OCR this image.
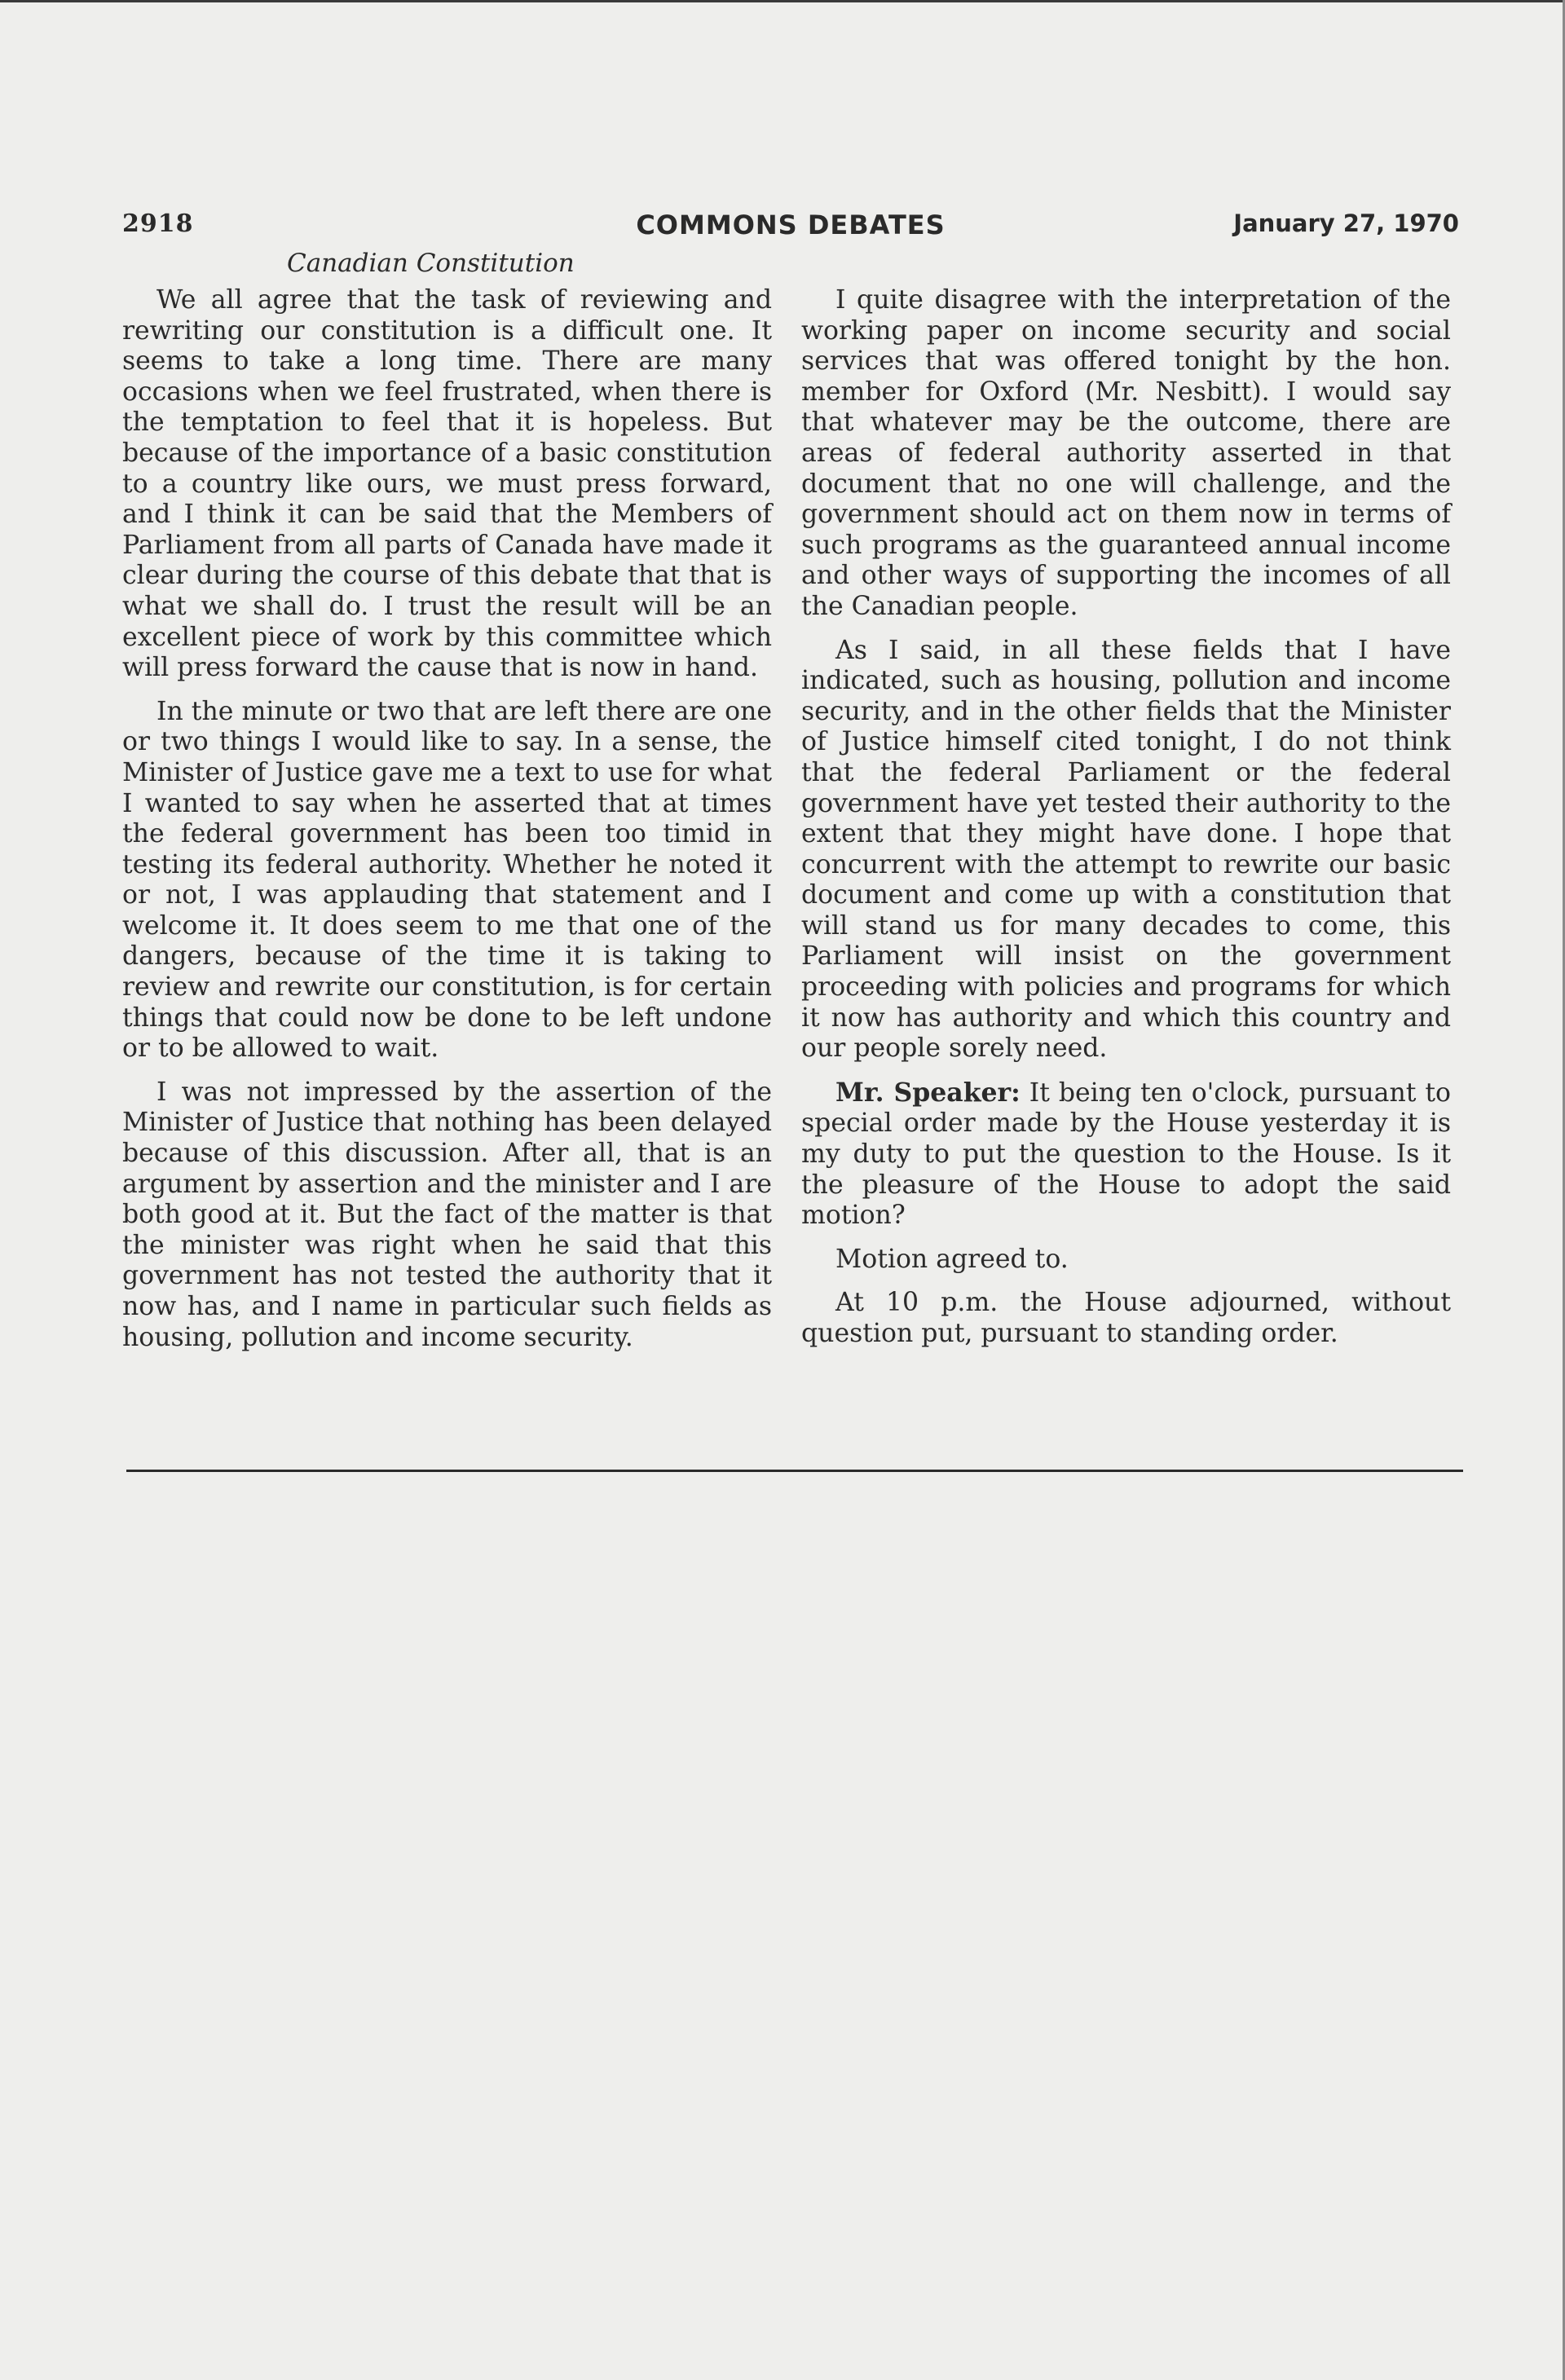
2918	COMMONS DEBATES	January 27, 1970
Canadian Constitution

We all agree that the task of reviewing and rewriting our constitution is a difficult one. It seems to take a long time. There are many occasions when we feel frustrated, when there is the temptation to feel that it is hopeless. But because of the importance of a basic constitution to a country like ours, we must press forward, and I think it can be said that the Members of Parliament from all parts of Canada have made it clear during the course of this debate that that is what we shall do. I trust the result will be an excellent piece of work by this committee which will press forward the cause that is now in hand.

In the minute or two that are left there are one or two things I would like to say. In a sense, the Minister of Justice gave me a text to use for what I wanted to say when he asserted that at times the federal government has been too timid in testing its federal authority. Whether he noted it or not, I was applauding that statement and I welcome it. It does seem to me that one of the dangers, because of the time it is taking to review and rewrite our constitution, is for certain things that could now be done to be left undone or to be allowed to wait.

I was not impressed by the assertion of the Minister of Justice that nothing has been delayed because of this discussion. After all, that is an argument by assertion and the minister and I are both good at it. But the fact of the matter is that the minister was right when he said that this government has not tested the authority that it now has, and I name in particular such fields as housing, pollution and income security.

I quite disagree with the interpretation of the working paper on income security and social services that was offered tonight by the hon. member for Oxford (Mr. Nesbitt). I would say that whatever may be the outcome, there are areas of federal authority asserted in that document that no one will challenge, and the government should act on them now in terms of such programs as the guaranteed annual income and other ways of supporting the incomes of all the Canadian people.

As I said, in all these fields that I have indicated, such as housing, pollution and income security, and in the other fields that the Minister of Justice himself cited tonight, I do not think that the federal Parliament or the federal government have yet tested their authority to the extent that they might have done. I hope that concurrent with the attempt to rewrite our basic document and come up with a constitution that will stand us for many decades to come, this Parliament will insist on the government proceeding with policies and programs for which it now has authority and which this country and our people sorely need.

Mr. Speaker: It being ten o'clock, pursuant to special order made by the House yesterday it is my duty to put the question to the House. Is it the pleasure of the House to adopt the said motion?

Motion agreed to.

At 10 p.m. the House adjourned, without question put, pursuant to standing order.
